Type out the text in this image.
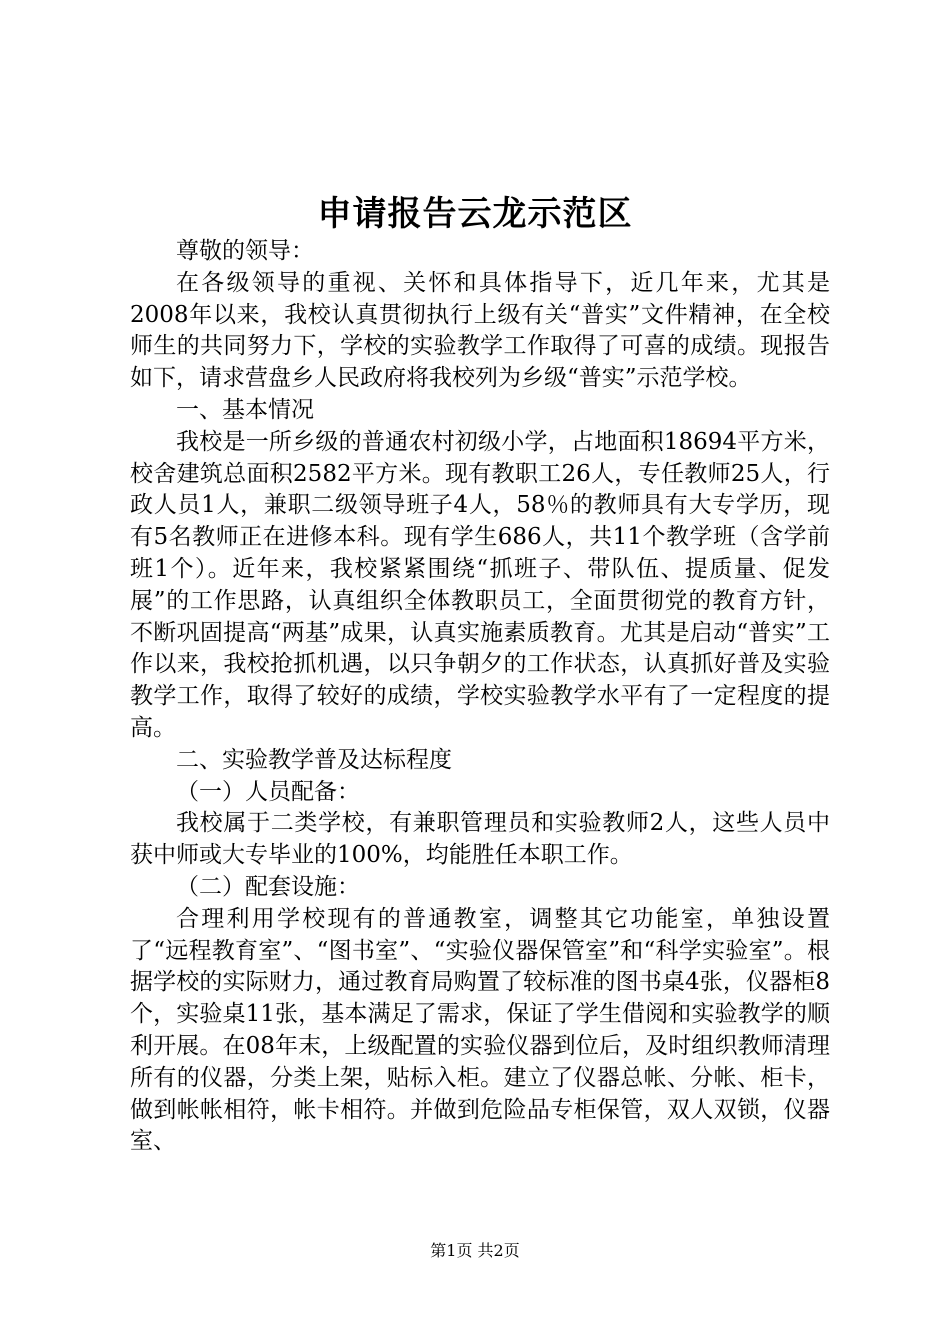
申请报告云龙示范区

尊敬的领导：

在各级领导的重视、关怀和具体指导下，近几年来，尤其是2008年以来，我校认真贯彻执行上级有关“普实”文件精神，在全校师生的共同努力下，学校的实验教学工作取得了可喜的成绩。现报告如下，请求营盘乡人民政府将我校列为乡级“普实”示范学校。

一、基本情况

我校是一所乡级的普通农村初级小学，占地面积18694平方米，校舍建筑总面积2582平方米。现有教职工26人，专任教师25人，行政人员1人，兼职二级领导班子4人，58％的教师具有大专学历，现有5名教师正在进修本科。现有学生686人，共11个教学班（含学前班1个）。近年来，我校紧紧围绕“抓班子、带队伍、提质量、促发展”的工作思路，认真组织全体教职员工，全面贯彻党的教育方针，不断巩固提高“两基”成果，认真实施素质教育。尤其是启动“普实”工作以来，我校抢抓机遇，以只争朝夕的工作状态，认真抓好普及实验教学工作，取得了较好的成绩，学校实验教学水平有了一定程度的提高。

二、实验教学普及达标程度

（一）人员配备：

我校属于二类学校，有兼职管理员和实验教师2人，这些人员中获中师或大专毕业的100%，均能胜任本职工作。

（二）配套设施：

合理利用学校现有的普通教室，调整其它功能室，单独设置了“远程教育室”、“图书室”、“实验仪器保管室”和“科学实验室”。根据学校的实际财力，通过教育局购置了较标准的图书桌4张，仪器柜8个，实验桌11张，基本满足了需求，保证了学生借阅和实验教学的顺利开展。在08年末，上级配置的实验仪器到位后，及时组织教师清理所有的仪器，分类上架，贴标入柜。建立了仪器总帐、分帐、柜卡，做到帐帐相符，帐卡相符。并做到危险品专柜保管，双人双锁，仪器室、

第1页 共2页
